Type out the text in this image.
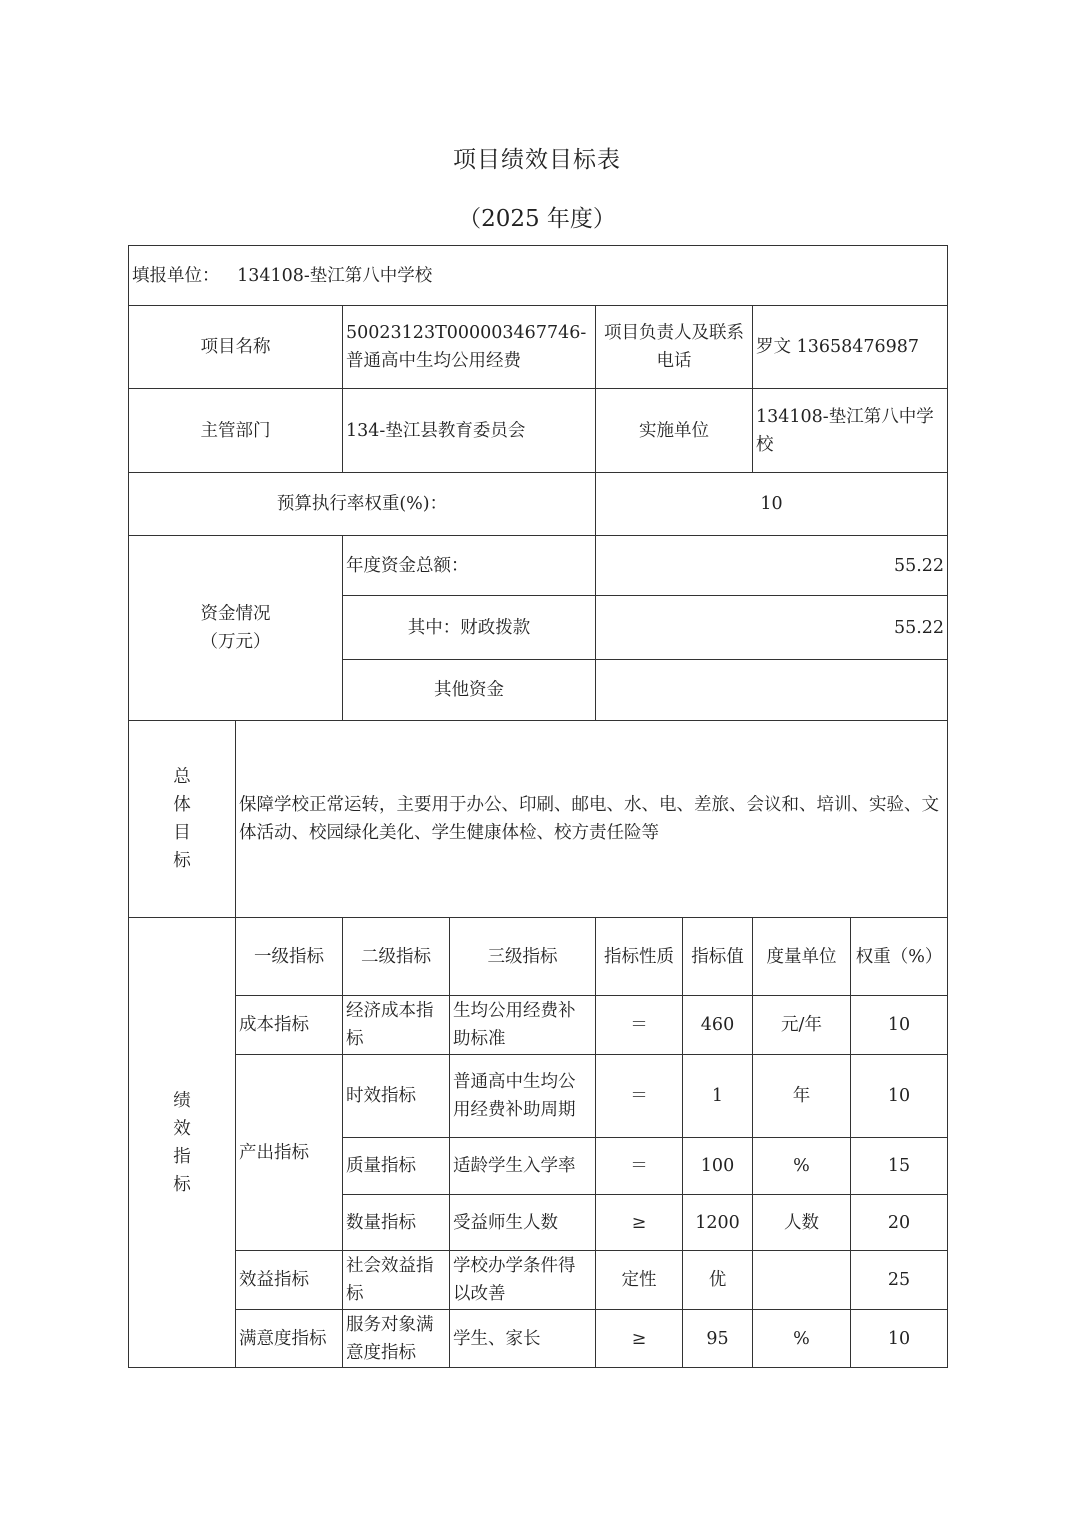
项目绩效目标表
（2025 年度）
填报单位： 134108-垫江第八中学校							
项目名称		50023123T000003467746-普通高中生均公用经费		项目负责人及联系电话		罗文 13658476987	
主管部门		134-垫江县教育委员会		实施单位		134108-垫江第八中学校	
预算执行率权重(%)：				10			

资金情况
（万元）		年度资金总额：		55.22			
		其中：财政拨款		55.22			
		其他资金					

总
体
目
标	保障学校正常运转，主要用于办公、印刷、邮电、水、电、差旅、会议和、培训、实验、文体活动、校园绿化美化、学生健康体检、校方责任险等						

绩
效
指
标	一级指标	二级指标	三级指标	指标性质	指标值	度量单位	权重（%）
	成本指标	经济成本指标	生均公用经费补助标准	＝	460	元/年	10
	产出指标	时效指标	普通高中生均公用经费补助周期	＝	1	年	10
		质量指标	适龄学生入学率	＝	100	%	15
		数量指标	受益师生人数	≥	1200	人数	20
	效益指标	社会效益指标	学校办学条件得以改善	定性	优		25
	满意度指标	服务对象满意度指标	学生、家长	≥	95	%	10
